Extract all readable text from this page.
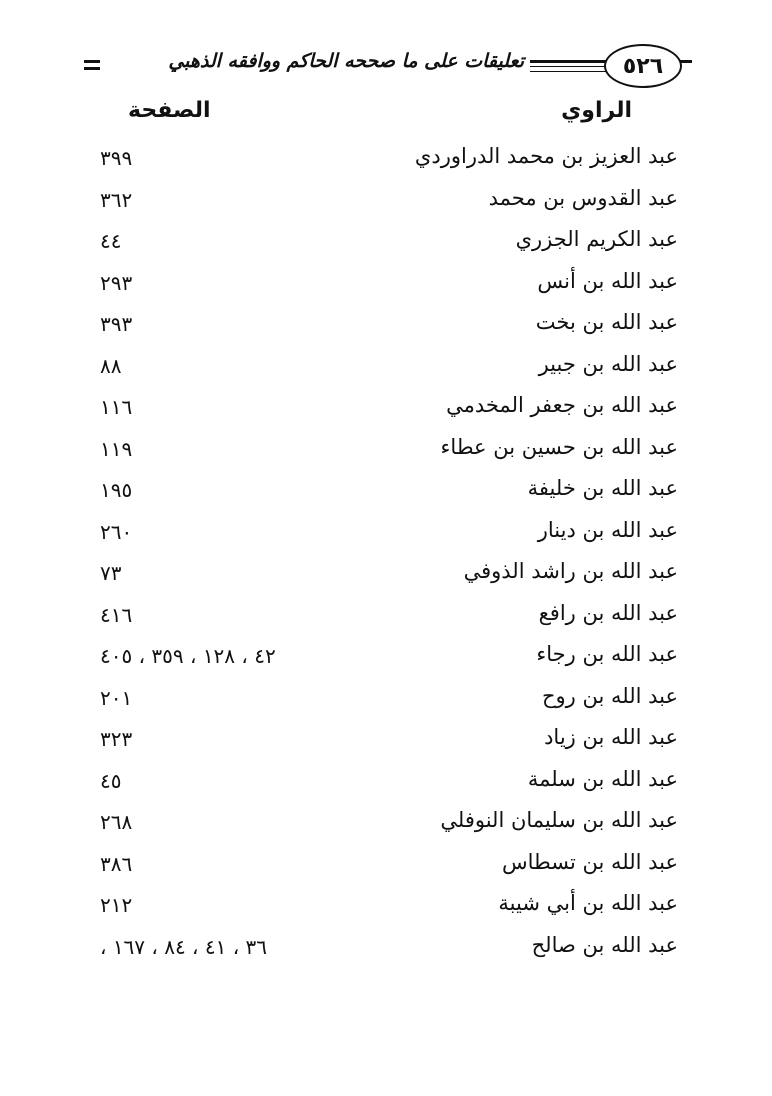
تعليقات على ما صححه الحاكم ووافقه الذهبي	٥٢٦
الراوي
الصفحة
عبد العزيز بن محمد الدراوردي
٣٩٩
عبد القدوس بن محمد
٣٦٢
عبد الكريم الجزري
٤٤
عبد الله بن أنس
٢٩٣
عبد الله بن بخت
٣٩٣
عبد الله بن جبير
٨٨
عبد الله بن جعفر المخدمي
١١٦
عبد الله بن حسين بن عطاء
١١٩
عبد الله بن خليفة
١٩٥
عبد الله بن دينار
٢٦٠
عبد الله بن راشد الذوفي
٧٣
عبد الله بن رافع
٤١٦
عبد الله بن رجاء
٤٢ ، ١٢٨ ، ٣٥٩ ، ٤٠٥
عبد الله بن روح
٢٠١
عبد الله بن زياد
٣٢٣
عبد الله بن سلمة
٤٥
عبد الله بن سليمان النوفلي
٢٦٨
عبد الله بن تسطاس
٣٨٦
عبد الله بن أبي شيبة
٢١٢
عبد الله بن صالح
٣٦ ، ٤١ ، ٨٤ ، ١٦٧ ،
